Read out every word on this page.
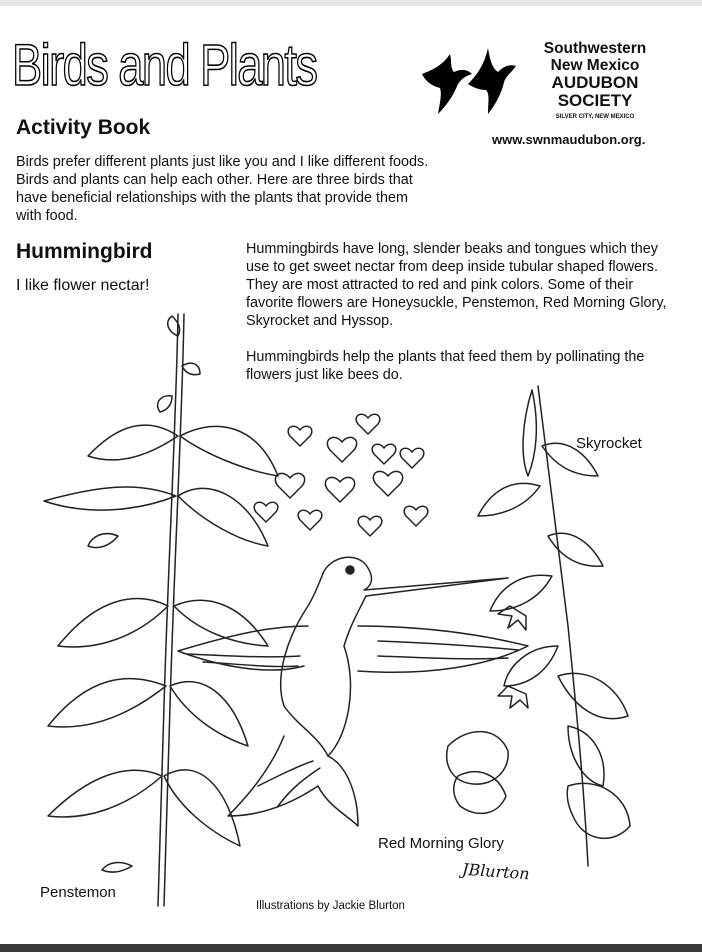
Birds and Plants
Activity Book
Southwestern
New Mexico
AUDUBON
SOCIETY
SILVER CITY, NEW MEXICO
www.swnmaudubon.org.
Birds prefer different plants just like you and I like different foods. Birds and plants can help each other. Here are three birds that have beneficial relationships with the plants that provide them with food.
Hummingbird
I like flower nectar!

Hummingbirds have long, slender beaks and tongues which they use to get sweet nectar from deep inside tubular shaped flowers. They are most attracted to red and pink colors. Some of their favorite flowers are Honeysuckle, Penstemon, Red Morning Glory, Skyrocket and Hyssop.

Hummingbirds help the plants that feed them by pollinating the flowers just like bees do.

Skyrocket
Red Morning Glory
Penstemon
JBlurton
Illustrations by Jackie Blurton
